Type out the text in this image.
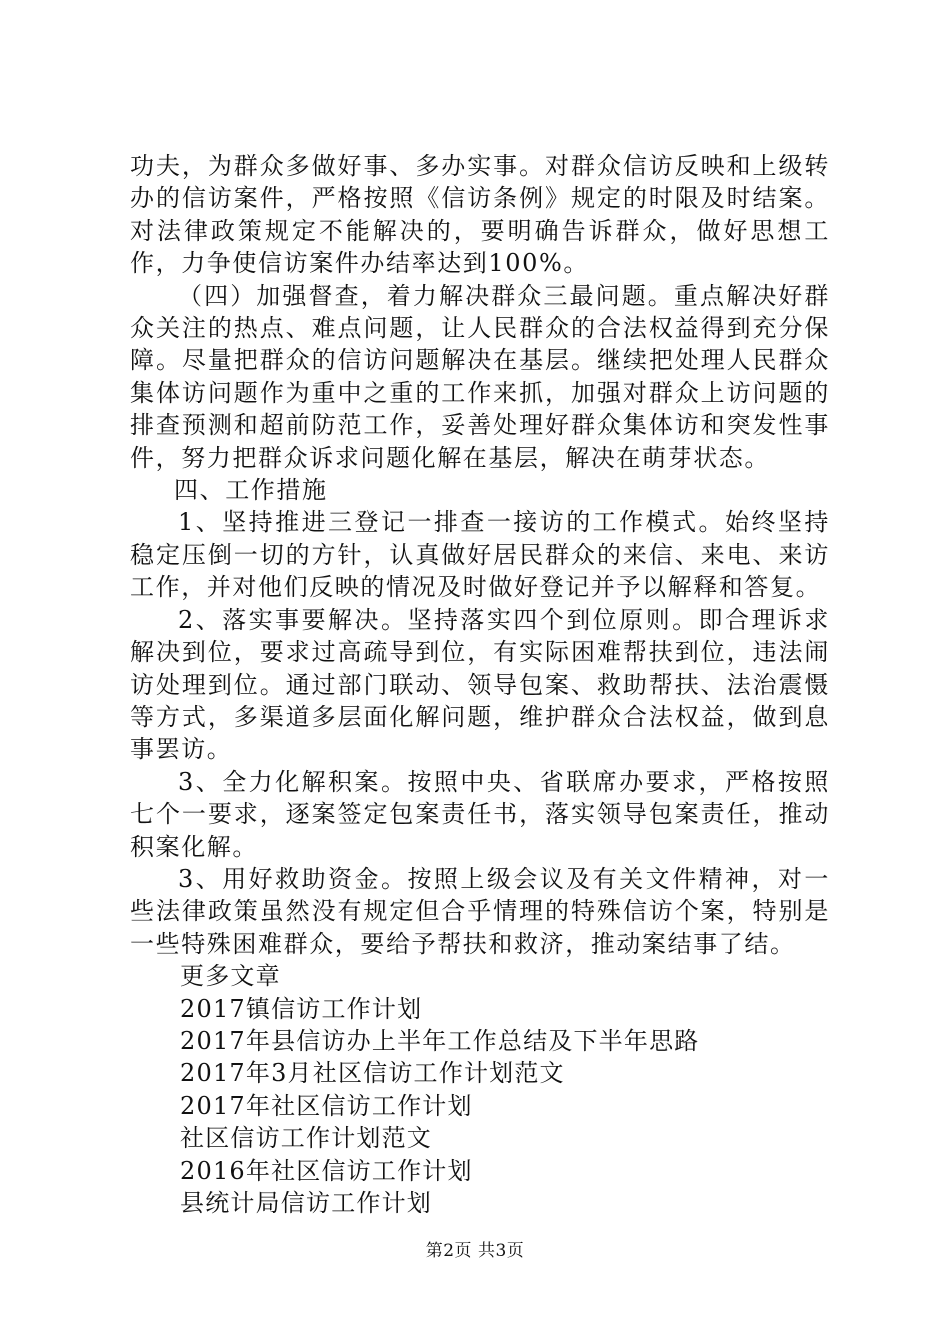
功夫，为群众多做好事、多办实事。对群众信访反映和上级转办的信访案件，严格按照《信访条例》规定的时限及时结案。对法律政策规定不能解决的，要明确告诉群众，做好思想工作，力争使信访案件办结率达到100%。

（四）加强督查，着力解决群众三最问题。重点解决好群众关注的热点、难点问题，让人民群众的合法权益得到充分保障。尽量把群众的信访问题解决在基层。继续把处理人民群众集体访问题作为重中之重的工作来抓，加强对群众上访问题的排查预测和超前防范工作，妥善处理好群众集体访和突发性事件，努力把群众诉求问题化解在基层，解决在萌芽状态。

四、工作措施

1、坚持推进三登记一排查一接访的工作模式。始终坚持稳定压倒一切的方针，认真做好居民群众的来信、来电、来访工作，并对他们反映的情况及时做好登记并予以解释和答复。

2、落实事要解决。坚持落实四个到位原则。即合理诉求解决到位，要求过高疏导到位，有实际困难帮扶到位，违法闹访处理到位。通过部门联动、领导包案、救助帮扶、法治震慑等方式，多渠道多层面化解问题，维护群众合法权益，做到息事罢访。

3、全力化解积案。按照中央、省联席办要求，严格按照七个一要求，逐案签定包案责任书，落实领导包案责任，推动积案化解。

3、用好救助资金。按照上级会议及有关文件精神，对一些法律政策虽然没有规定但合乎情理的特殊信访个案，特别是一些特殊困难群众，要给予帮扶和救济，推动案结事了结。

更多文章

2017镇信访工作计划
2017年县信访办上半年工作总结及下半年思路
2017年3月社区信访工作计划范文
2017年社区信访工作计划
社区信访工作计划范文
2016年社区信访工作计划
县统计局信访工作计划
第2页 共3页
